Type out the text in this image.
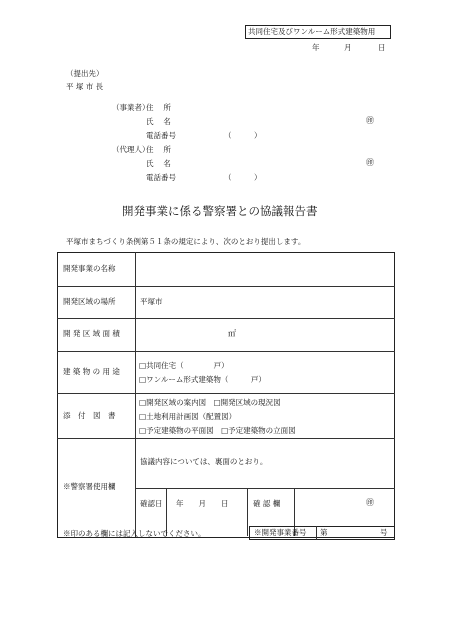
共同住宅及びワンルーム形式建築物用
年	月	日
（提出先）
平 塚 市 長
（事業者）
住　 所
氏　 名	㊞
電話番号	（　　　）
（代理人）
住　 所
氏　 名	㊞
電話番号	（　　　）
開発事業に係る警察署との協議報告書
平塚市まちづくり条例第５１条の規定により、次のとおり提出します。
開発事業の名称
開発区域の場所	平塚市
開 発 区 域 面 積	㎡
建 築 物 の 用 途
□共同住宅（　　　　戸）
□ワンルーム形式建築物（　　　戸）
添　付　図　書
□開発区域の案内図　□開発区域の現況図
□土地利用計画図（配置図）
□予定建築物の平面図　□予定建築物の立面図
※警察署使用欄
協議内容については、裏面のとおり。
確認日 年　　月　　日	確 認 欄	㊞
※印のある欄には記入しないでください。	※開発事業番号 第	号
